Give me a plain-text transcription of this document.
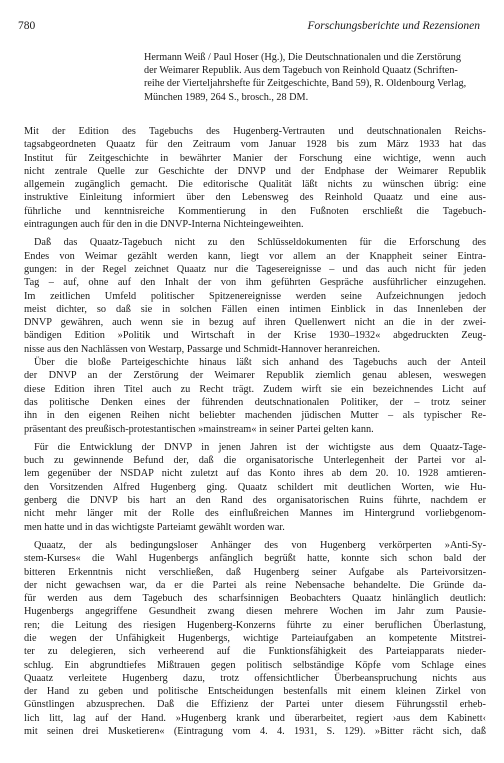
780	Forschungsberichte und Rezensionen
Hermann Weiß / Paul Hoser (Hg.), Die Deutschnationalen und die Zerstörung
der Weimarer Republik. Aus dem Tagebuch von Reinhold Quaatz (Schriften-
reihe der Vierteljahrshefte für Zeitgeschichte, Band 59), R. Oldenbourg Verlag,
München 1989, 264 S., brosch., 28 DM.
Mit der Edition des Tagebuchs des Hugenberg-Vertrauten und deutschnationalen Reichs-
tagsabgeordneten Quaatz für den Zeitraum vom Januar 1928 bis zum März 1933 hat das
Institut für Zeitgeschichte in bewährter Manier der Forschung eine wichtige, wenn auch
nicht zentrale Quelle zur Geschichte der DNVP und der Endphase der Weimarer Republik
allgemein zugänglich gemacht. Die editorische Qualität läßt nichts zu wünschen übrig: eine
instruktive Einleitung informiert über den Lebensweg des Reinhold Quaatz und eine aus-
führliche und kenntnisreiche Kommentierung in den Fußnoten erschließt die Tagebuch-
eintragungen auch für den in die DNVP-Interna Nichteingeweihten.
Daß das Quaatz-Tagebuch nicht zu den Schlüsseldokumenten für die Erforschung des
Endes von Weimar gezählt werden kann, liegt vor allem an der Knappheit seiner Eintra-
gungen: in der Regel zeichnet Quaatz nur die Tagesereignisse – und das auch nicht für jeden
Tag – auf, ohne auf den Inhalt der von ihm geführten Gespräche ausführlicher einzugehen.
Im zeitlichen Umfeld politischer Spitzenereignisse werden seine Aufzeichnungen jedoch
meist dichter, so daß sie in solchen Fällen einen intimen Einblick in das Innenleben der
DNVP gewähren, auch wenn sie in bezug auf ihren Quellenwert nicht an die in der zwei-
bändigen Edition »Politik und Wirtschaft in der Krise 1930–1932« abgedruckten Zeug-
nisse aus den Nachlässen von Westarp, Passarge und Schmidt-Hannover heranreichen.
Über die bloße Parteigeschichte hinaus läßt sich anhand des Tagebuchs auch der Anteil
der DNVP an der Zerstörung der Weimarer Republik ziemlich genau ablesen, weswegen
diese Edition ihren Titel auch zu Recht trägt. Zudem wirft sie ein bezeichnendes Licht auf
das politische Denken eines der führenden deutschnationalen Politiker, der – trotz seiner
ihn in den eigenen Reihen nicht beliebter machenden jüdischen Mutter – als typischer Re-
präsentant des preußisch-protestantischen »mainstream« in seiner Partei gelten kann.
Für die Entwicklung der DNVP in jenen Jahren ist der wichtigste aus dem Quaatz-Tage-
buch zu gewinnende Befund der, daß die organisatorische Unterlegenheit der Partei vor al-
lem gegenüber der NSDAP nicht zuletzt auf das Konto ihres ab dem 20. 10. 1928 amtieren-
den Vorsitzenden Alfred Hugenberg ging. Quaatz schildert mit deutlichen Worten, wie Hu-
genberg die DNVP bis hart an den Rand des organisatorischen Ruins führte, nachdem er
nicht mehr länger mit der Rolle des einflußreichen Mannes im Hintergrund vorliebgenom-
men hatte und in das wichtigste Parteiamt gewählt worden war.
Quaatz, der als bedingungsloser Anhänger des von Hugenberg verkörperten »Anti-Sy-
stem-Kurses« die Wahl Hugenbergs anfänglich begrüßt hatte, konnte sich schon bald der
bitteren Erkenntnis nicht verschließen, daß Hugenberg seiner Aufgabe als Parteivorsitzen-
der nicht gewachsen war, da er die Partei als reine Nebensache behandelte. Die Gründe da-
für werden aus dem Tagebuch des scharfsinnigen Beobachters Quaatz hinlänglich deutlich:
Hugenbergs angegriffene Gesundheit zwang diesen mehrere Wochen im Jahr zum Pausie-
ren; die Leitung des riesigen Hugenberg-Konzerns führte zu einer beruflichen Überlastung,
die wegen der Unfähigkeit Hugenbergs, wichtige Parteiaufgaben an kompetente Mitstrei-
ter zu delegieren, sich verheerend auf die Funktionsfähigkeit des Parteiapparats nieder-
schlug. Ein abgrundtiefes Mißtrauen gegen politisch selbständige Köpfe vom Schlage eines
Quaatz verleitete Hugenberg dazu, trotz offensichtlicher Überbeanspruchung nichts aus
der Hand zu geben und politische Entscheidungen bestenfalls mit einem kleinen Zirkel von
Günstlingen abzusprechen. Daß die Effizienz der Partei unter diesem Führungsstil erheb-
lich litt, lag auf der Hand. »Hugenberg krank und überarbeitet, regiert ›aus dem Kabinett‹
mit seinen drei Musketieren« (Eintragung vom 4. 4. 1931, S. 129). »Bitter rächt sich, daß
